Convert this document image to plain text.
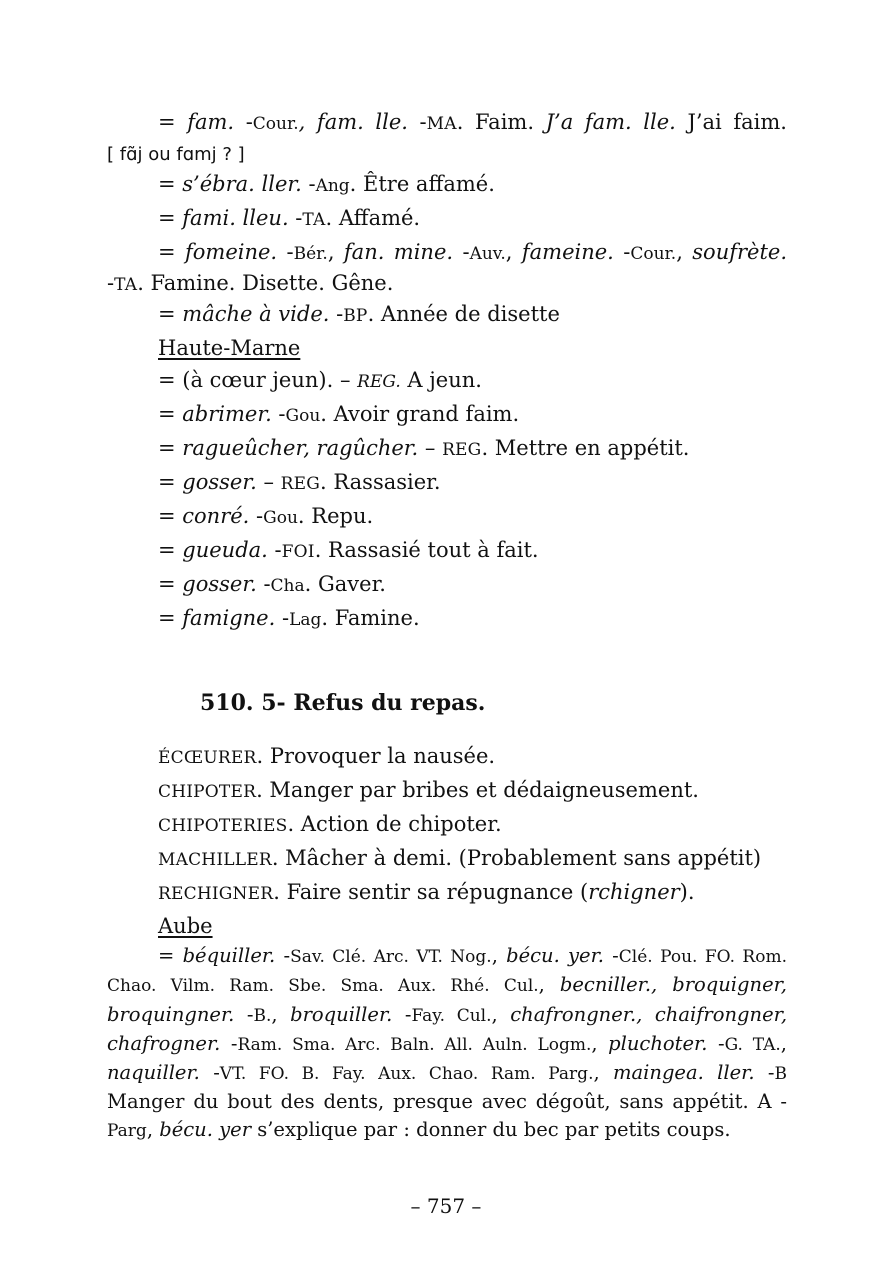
= fam. -Cour., fam. lle. -MA. Faim. J’a fam. lle. J’ai faim.
[ fɑ̃j ou fɑmj ? ]
= s’ébra. ller. -Ang. Être affamé.
= fami. lleu. -TA. Affamé.
= fomeine. -Bér., fan. mine. -Auv., fameine. -Cour., soufrète.
-TA. Famine. Disette. Gêne.
= mâche à vide. -BP. Année de disette
Haute-Marne
= (à cœur jeun). – REG. A jeun.
= abrimer. -Gou. Avoir grand faim.
= ragueûcher, ragûcher. – REG. Mettre en appétit.
= gosser. – REG. Rassasier.
= conré. -Gou. Repu.
= gueuda. -FOI. Rassasié tout à fait.
= gosser. -Cha. Gaver.
= famigne. -Lag. Famine.
510. 5- Refus du repas.
ÉCŒURER. Provoquer la nausée.
CHIPOTER. Manger par bribes et dédaigneusement.
CHIPOTERIES. Action de chipoter.
MACHILLER. Mâcher à demi. (Probablement sans appétit)
RECHIGNER. Faire sentir sa répugnance (rchigner).
Aube
= béquiller. -Sav. Clé. Arc. VT. Nog., bécu. yer. -Clé. Pou. FO. Rom. Chao. Vilm. Ram. Sbe. Sma. Aux. Rhé. Cul., becniller., broquigner, broquingner. -B., broquiller. -Fay. Cul., chafrongner., chaifrongner, chafrogner. -Ram. Sma. Arc. Baln. All. Auln. Logm., pluchoter. -G. TA., naquiller. -VT. FO. B. Fay. Aux. Chao. Ram. Parg., maingea. ller. -B Manger du bout des dents, presque avec dégoût, sans appétit. A -Parg, bécu. yer s’explique par : donner du bec par petits coups.
– 757 –
